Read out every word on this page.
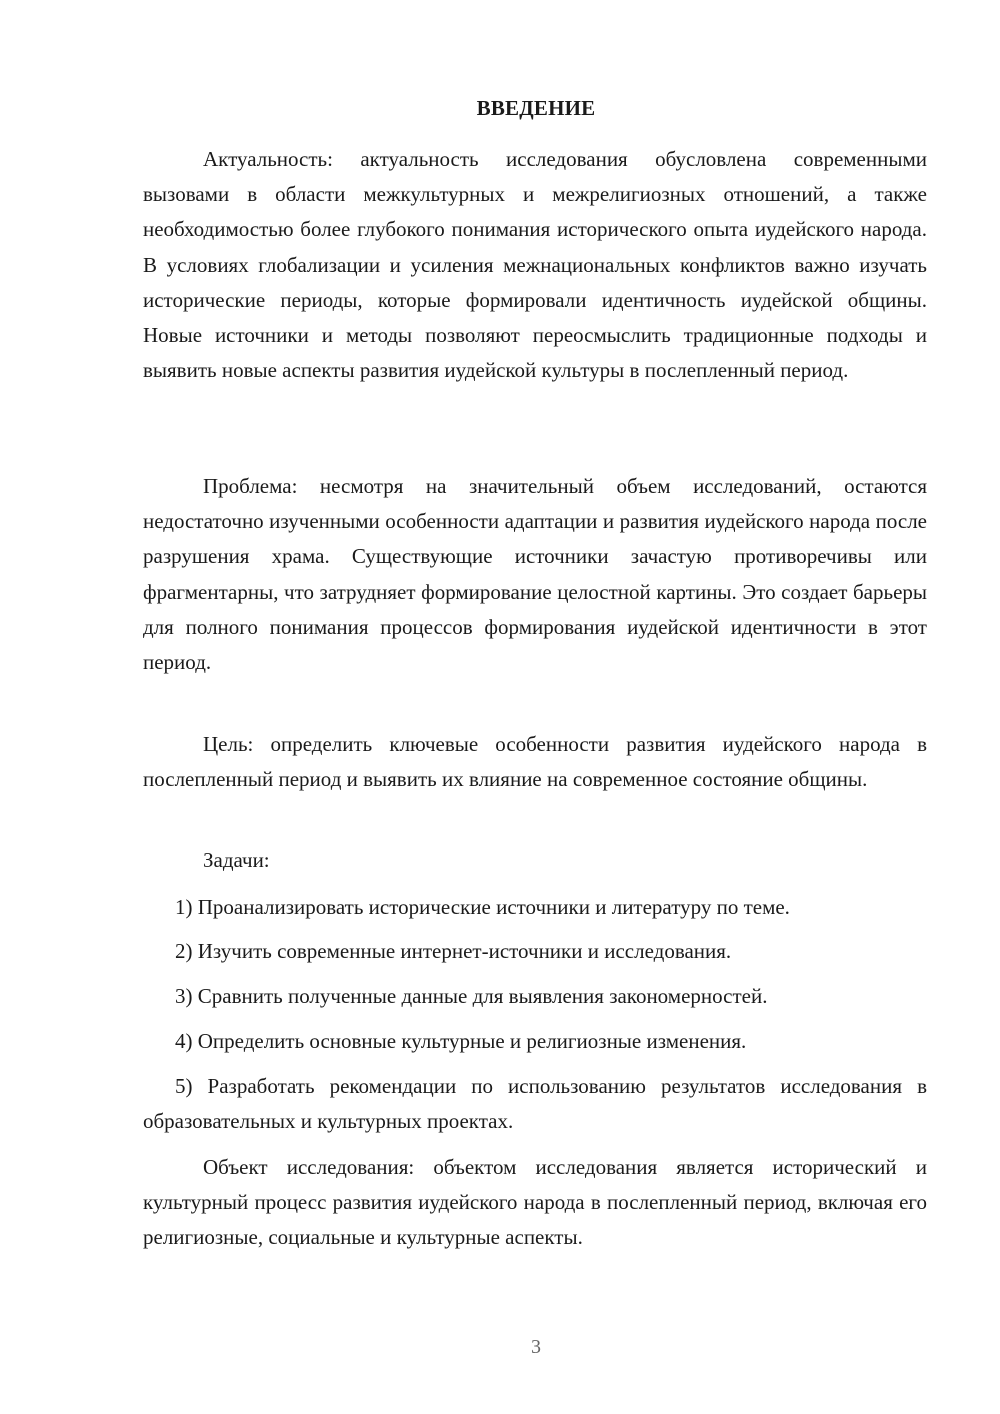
ВВЕДЕНИЕ

Актуальность: актуальность исследования обусловлена современными вызовами в области межкультурных и межрелигиозных отношений, а также необходимостью более глубокого понимания исторического опыта иудейского народа. В условиях глобализации и усиления межнациональных конфликтов важно изучать исторические периоды, которые формировали идентичность иудейской общины. Новые источники и методы позволяют переосмыслить традиционные подходы и выявить новые аспекты развития иудейской культуры в послепленный период.

Проблема: несмотря на значительный объем исследований, остаются недостаточно изученными особенности адаптации и развития иудейского народа после разрушения храма. Существующие источники зачастую противоречивы или фрагментарны, что затрудняет формирование целостной картины. Это создает барьеры для полного понимания процессов формирования иудейской идентичности в этот период.

Цель: определить ключевые особенности развития иудейского народа в послепленный период и выявить их влияние на современное состояние общины.

Задачи:

1) Проанализировать исторические источники и литературу по теме.

2) Изучить современные интернет-источники и исследования.

3) Сравнить полученные данные для выявления закономерностей.

4) Определить основные культурные и религиозные изменения.

5) Разработать рекомендации по использованию результатов исследования в образовательных и культурных проектах.

Объект исследования: объектом исследования является исторический и культурный процесс развития иудейского народа в послепленный период, включая его религиозные, социальные и культурные аспекты.

3
